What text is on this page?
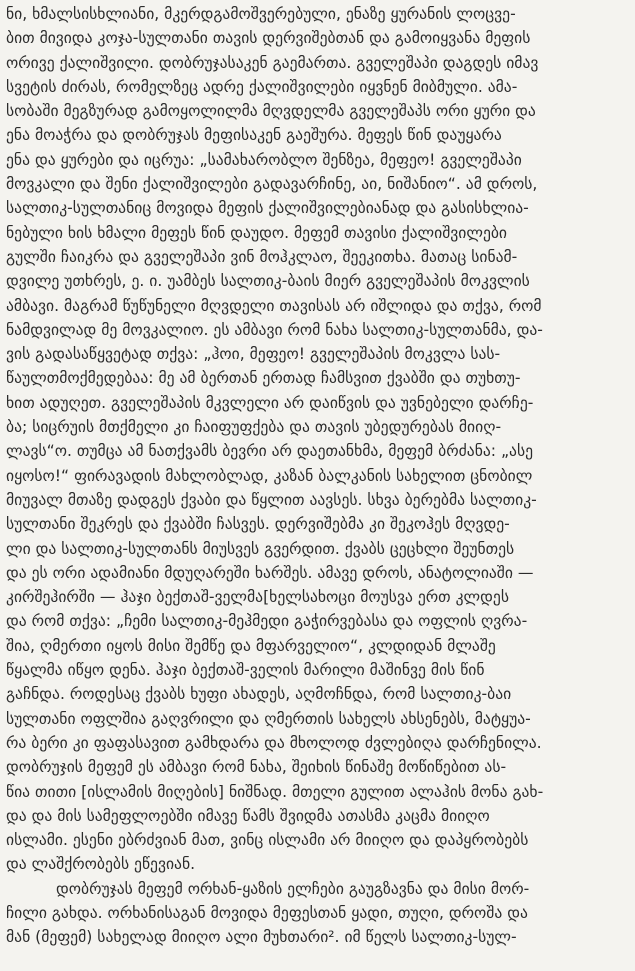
ნი, ხმალსისხლიანი, მკერდგამოშვერებული, ენაზე ყურანის ლოცვე-
ბით მივიდა კოჯა-სულთანი თავის დერვიშებთან და გამოიყვანა მეფის
ორივე ქალიშვილი. დობრუჯასაკენ გაემართა. გველეშაპი დაგდეს იმავ
სვეტის ძირას, რომელზეც ადრე ქალიშვილები იყვნენ მიბმული. ამა-
სობაში მეგზურად გამოყოლილმა მღვდელმა გველეშაპს ორი ყური და
ენა მოაჭრა და დობრუჯას მეფისაკენ გაეშურა. მეფეს წინ დაუყარა
ენა და ყურები და იცრუა: „სამახარობლო შენზეა, მეფეო! გველეშაპი
მოვკალი და შენი ქალიშვილები გადავარჩინე, აი, ნიშანიო“. ამ დროს,
სალთიკ-სულთანიც მოვიდა მეფის ქალიშვილებიანად და გასისხლია-
ნებული ხის ხმალი მეფეს წინ დაუდო. მეფემ თავისი ქალიშვილები
გულში ჩაიკრა და გველეშაპი ვინ მოჰკლაო, შეეკითხა. მათაც სინამ-
დვილე უთხრეს, ე. ი. უამბეს სალთიკ-ბაის მიერ გველეშაპის მოკვლის
ამბავი. მაგრამ წუწუნელი მღვდელი თავისას არ იშლიდა და თქვა, რომ
ნამდვილად მე მოვკალიო. ეს ამბავი რომ ნახა სალთიკ-სულთანმა, და-
ვის გადასაწყვეტად თქვა: „ჰოი, მეფეო! გველეშაპის მოკვლა სას-
წაულთმოქმედებაა: მე ამ ბერთან ერთად ჩამსვით ქვაბში და თუხთუ-
ხით ადუღეთ. გველეშაპის მკვლელი არ დაიწვის და უვნებელი დარჩე-
ბა; სიცრუის მთქმელი კი ჩაიფუფქება და თავის უბედურებას მიიღ-
ლავს“ო. თუმცა ამ ნათქვამს ბევრი არ დაეთანხმა, მეფემ ბრძანა: „ასე
იყოსო!“ ფირავადის მახლობლად, კაზან ბალკანის სახელით ცნობილ
მიუვალ მთაზე დადგეს ქვაბი და წყლით აავსეს. სხვა ბერებმა სალთიკ-
სულთანი შეკრეს და ქვაბში ჩასვეს. დერვიშებმა კი შეკოჰეს მღვდე-
ლი და სალთიკ-სულთანს მიუსვეს გვერდით. ქვაბს ცეცხლი შეუნთეს
და ეს ორი ადამიანი მდუღარეში ხარშეს. ამავე დროს, ანატოლიაში —
კირშეჰირში — ჰაჯი ბექთაშ-ველმა[ხელსახოცი მოუსვა ერთ კლდეს
და რომ თქვა: „ჩემი სალთიკ-მეჰმედი გაჭირვებასა და ოფლის ღვრა-
შია, ღმერთი იყოს მისი შემწე და მფარველიო“, კლდიდან მლაშე
წყალმა იწყო დენა. ჰაჯი ბექთაშ-ველის მარილი მაშინვე მის წინ
გაჩნდა. როდესაც ქვაბს ხუფი ახადეს, აღმოჩნდა, რომ სალთიკ-ბაი
სულთანი ოფლშია გაღვრილი და ღმერთის სახელს ახსენებს, მატყუა-
რა ბერი კი ფაფასავით გამხდარა და მხოლოდ ძვლებიღა დარჩენილა.
დობრუჯის მეფემ ეს ამბავი რომ ნახა, შეიხის წინაშე მოწიწებით ას-
წია თითი [ისლამის მიღების] ნიშნად. მთელი გულით ალაჰის მონა გახ-
და და მის სამეფლოებში იმავე წამს შვიდმა ათასმა კაცმა მიიღო
ისლამი. ესენი ებრძვიან მათ, ვინც ისლამი არ მიიღო და დაპყრობებს
და ლაშქრობებს ეწევიან.

დობრუჯას მეფემ ორხან-ყაზის ელჩები გაუგზავნა და მისი მორ-
ჩილი გახდა. ორხანისაგან მოვიდა მეფესთან ყადი, თუღი, დროშა და
მან (მეფემ) სახელად მიიღო ალი მუხთარი². იმ წელს სალთიკ-სულ-
